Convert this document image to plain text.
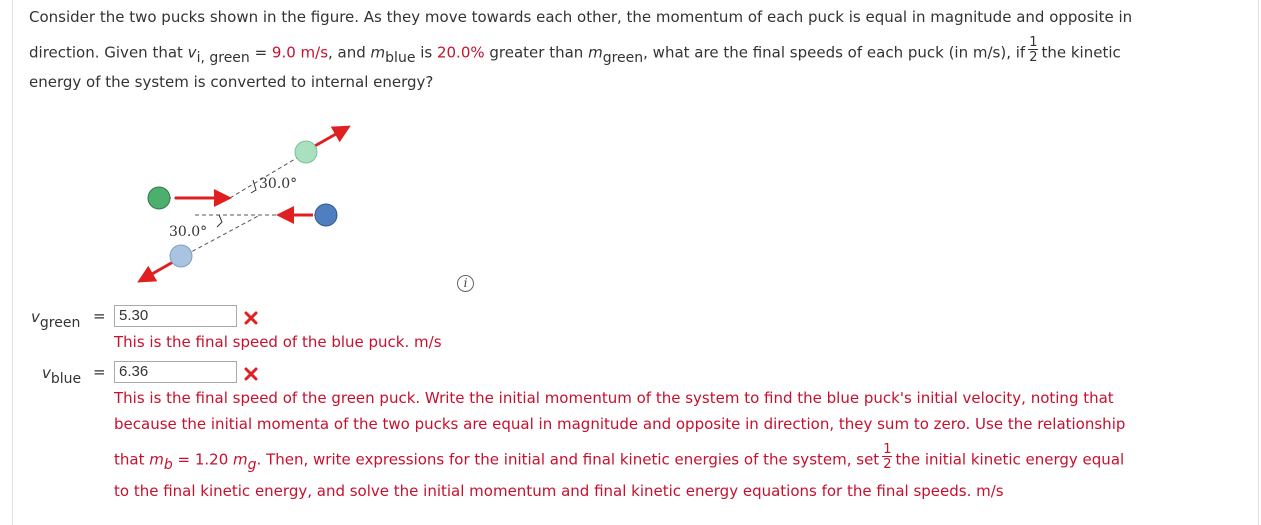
Consider the two pucks shown in the figure. As they move towards each other, the momentum of each puck is equal in magnitude and opposite in
direction. Given that $v_{i, green} = 9.0$ m/s, and $m_{blue}$ is 20.0% greater than $m_{green}$, what are the final speeds of each puck (in m/s), if $\frac{1}{2}$ the kinetic
energy of the system is converted to internal energy?
30.0°
30.0°
i
vgreen = 5.30
This is the final speed of the blue puck. m/s
vblue = 6.36
This is the final speed of the green puck. Write the initial momentum of the system to find the blue puck's initial velocity, noting that
because the initial momenta of the two pucks are equal in magnitude and opposite in direction, they sum to zero. Use the relationship
that $m_b = 1.20$ $m_g$. Then, write expressions for the initial and final kinetic energies of the system, set $\frac{1}{2}$ the initial kinetic energy equal
to the final kinetic energy, and solve the initial momentum and final kinetic energy equations for the final speeds. m/s
